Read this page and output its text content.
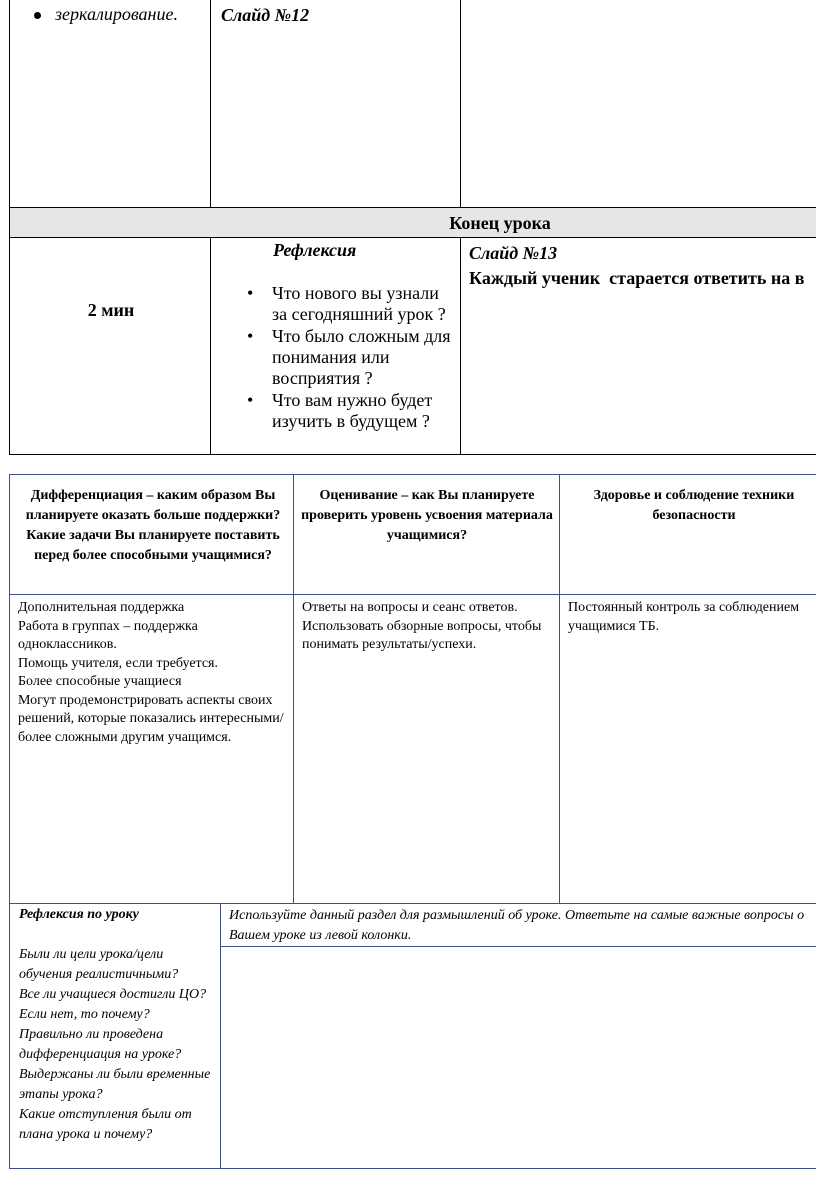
зеркалирование.	Слайд №12
Конец урока
2 мин
Рефлексия
• Что нового вы узнали за сегодняшний урок ?
• Что было сложным для понимания или восприятия ?
• Что вам нужно будет изучить в будущем ?
Слайд №13
Каждый ученик  старается ответить на в
Дифференциация – каким образом Вы планируете оказать больше поддержки? Какие задачи Вы планируете поставить перед более способными учащимися?
Оценивание – как Вы планируете проверить уровень усвоения материала учащимися?
Здоровье и соблюдение техники безопасности

Дополнительная поддержка

Работа в группах – поддержка одноклассников.

Помощь учителя, если требуется.

Более способные учащиеся

Могут продемонстрировать аспекты своих решений, которые показались интересными/более сложными другим учащимся.

Ответы на вопросы и сеанс ответов.

Использовать обзорные вопросы, чтобы понимать результаты/успехи.

Постоянный контроль за соблюдением учащимися ТБ.

Рефлексия по уроку

Были ли цели урока/цели обучения реалистичными?

Все ли учащиеся достигли ЦО?

Если нет, то почему?

Правильно ли проведена дифференциация на уроке?

Выдержаны ли были временные этапы урока?

Какие отступления были от плана урока и почему?

Используйте данный раздел для размышлений об уроке. Ответьте на самые важные вопросы о Вашем уроке из левой колонки.
